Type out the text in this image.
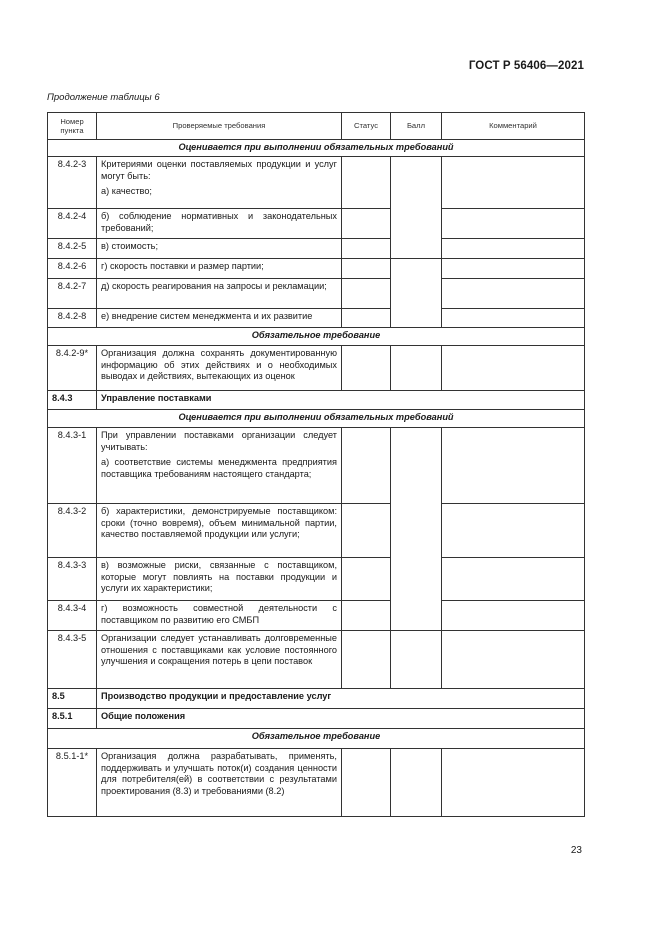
ГОСТ Р 56406—2021
Продолжение таблицы 6
Номер пункта	Проверяемые требования	Статус	Балл	Комментарий
Оценивается при выполнении обязательных требований				
8.4.2-3	Критериями оценки поставляемых продукции и услуг могут быть:

а) качество;			

8.4.2-4	б) соблюдение нормативных и законодательных требований;			
8.4.2-5	в) стоимость;			
8.4.2-6	г) скорость поставки и размер партии;			
8.4.2-7	д) скорость реагирования на запросы и рекламации;			
8.4.2-8	е) внедрение систем менеджмента и их развитие			
Обязательное требование				
8.4.2-9*	Организация должна сохранять документированную информацию об этих действиях и о необходимых выводах и действиях, вытекающих из оценок			
8.4.3	Управление поставками			
Оценивается при выполнении обязательных требований				
8.4.3-1	При управлении поставками организации следует учитывать:

а) соответствие системы менеджмента предприятия поставщика требованиям настоящего стандарта;			

8.4.3-2	б) характеристики, демонстрируемые поставщиком: сроки (точно вовремя), объем минимальной партии, качество поставляемой продукции или услуги;			
8.4.3-3	в) возможные риски, связанные с поставщиком, которые могут повлиять на поставки продукции и услуги их характеристики;			
8.4.3-4	г) возможность совместной деятельности с поставщиком по развитию его СМБП			
8.4.3-5	Организации следует устанавливать долговременные отношения с поставщиками как условие постоянного улучшения и сокращения потерь в цепи поставок			
8.5	Производство продукции и предоставление услуг			
8.5.1	Общие положения			
Обязательное требование				
8.5.1-1*	Организация должна разрабатывать, применять, поддерживать и улучшать поток(и) создания ценности для потребителя(ей) в соответствии с результатами проектирования (8.3) и требованиями (8.2)			
23
